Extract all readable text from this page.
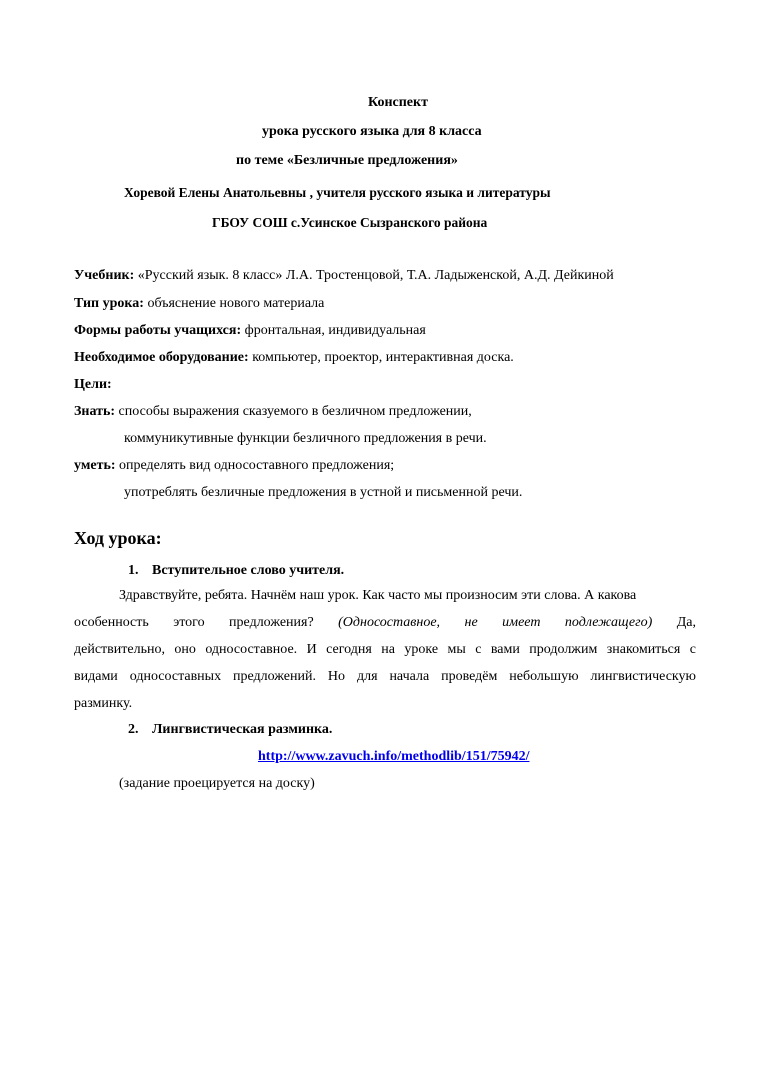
Конспект
урока русского языка для 8 класса
по теме «Безличные предложения»
Хоревой Елены Анатольевны , учителя русского языка и литературы
ГБОУ СОШ с.Усинское Сызранского района
Учебник: «Русский язык. 8 класс» Л.А. Тростенцовой, Т.А. Ладыженской, А.Д. Дейкиной
Тип урока: объяснение нового материала
Формы работы учащихся: фронтальная, индивидуальная
Необходимое оборудование: компьютер, проектор, интерактивная доска.
Цели:
Знать: способы выражения сказуемого в безличном предложении,
коммуникутивные функции безличного предложения в речи.
уметь: определять вид односоставного предложения;
употреблять безличные предложения в устной и письменной речи.
Ход урока:
1. Вступительное слово учителя.
Здравствуйте, ребята. Начнём наш урок. Как часто мы произносим эти слова. А какова
особенность этого предложения? (Односоставное, не имеет подлежащего) Да,
действительно, оно односоставное. И сегодня на уроке мы с вами продолжим знакомиться с
видами односоставных предложений. Но для начала проведём небольшую лингвистическую
разминку.
2. Лингвистическая разминка.
http://www.zavuch.info/methodlib/151/75942/
(задание проецируется на доску)
